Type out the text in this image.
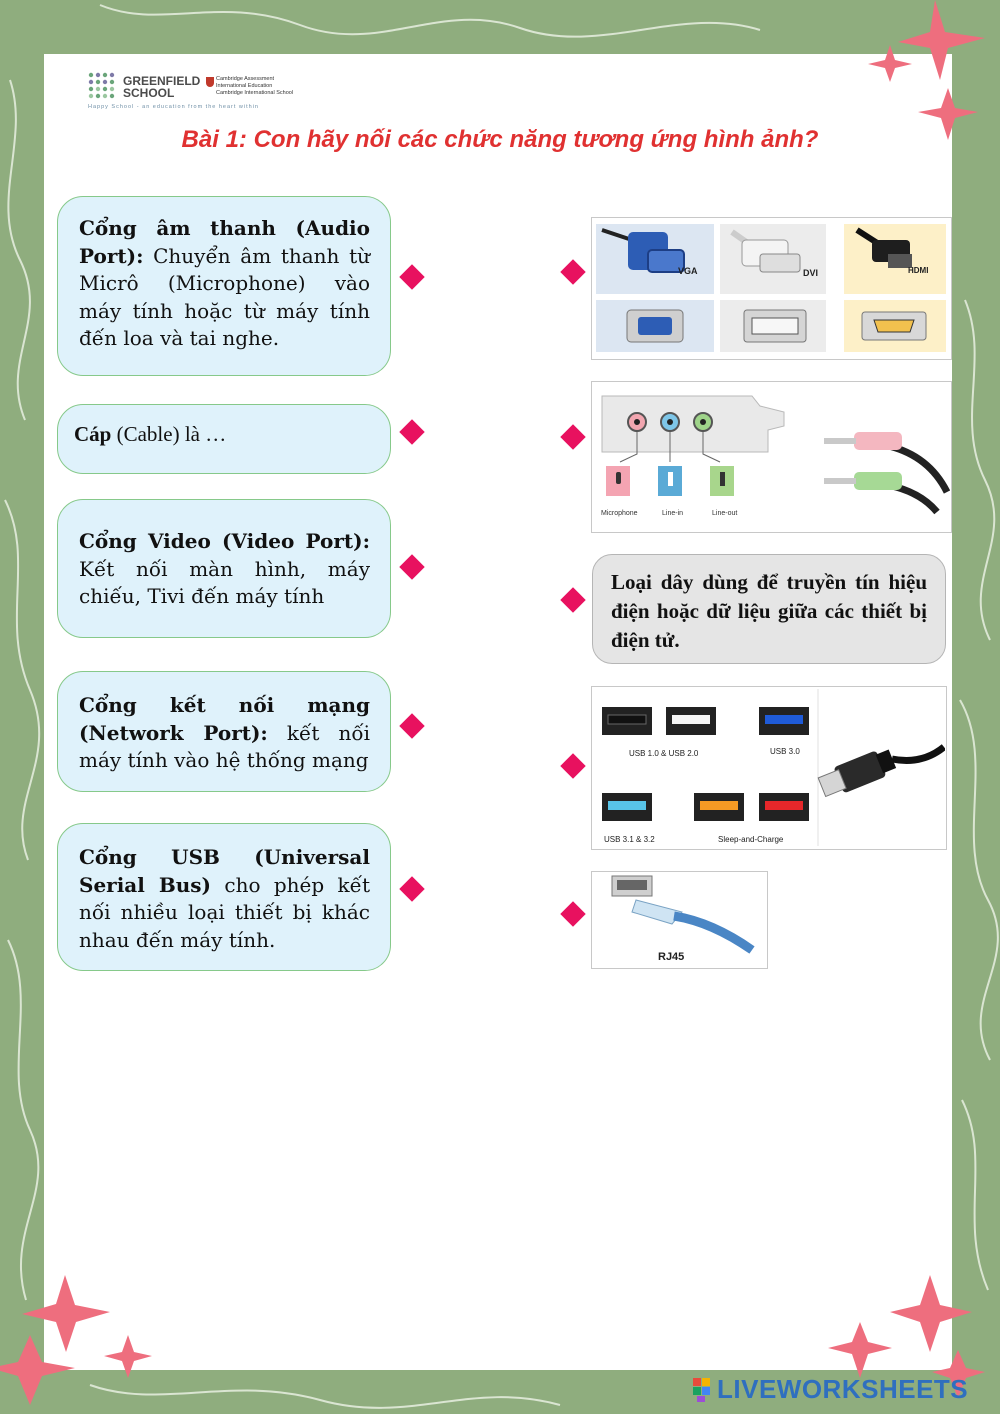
GREENFIELD
SCHOOL
Cambridge Assessment
International Education
Cambridge International School
Happy School - an education from the heart within
Bài 1: Con hãy nối các chức năng tương ứng hình ảnh?
Cổng âm thanh (Audio Port): Chuyển âm thanh từ Micrô (Microphone) vào máy tính hoặc từ máy tính đến loa và tai nghe.
Cáp (Cable) là …
Cổng Video (Video Port): Kết nối màn hình, máy chiếu, Tivi đến máy tính
Cổng kết nối mạng (Network Port): kết nối máy tính vào hệ thống mạng
Cổng USB (Universal Serial Bus) cho phép kết nối nhiều loại thiết bị khác nhau đến máy tính.
VGA	DVI	HDMI
Microphone	Line-in	Line-out
Loại dây dùng để truyền tín hiệu điện hoặc dữ liệu giữa các thiết bị điện tử.
USB 1.0 & USB 2.0	USB 3.0
USB 3.1 & 3.2	Sleep-and-Charge
RJ45
LIVEWORKSHEETS
